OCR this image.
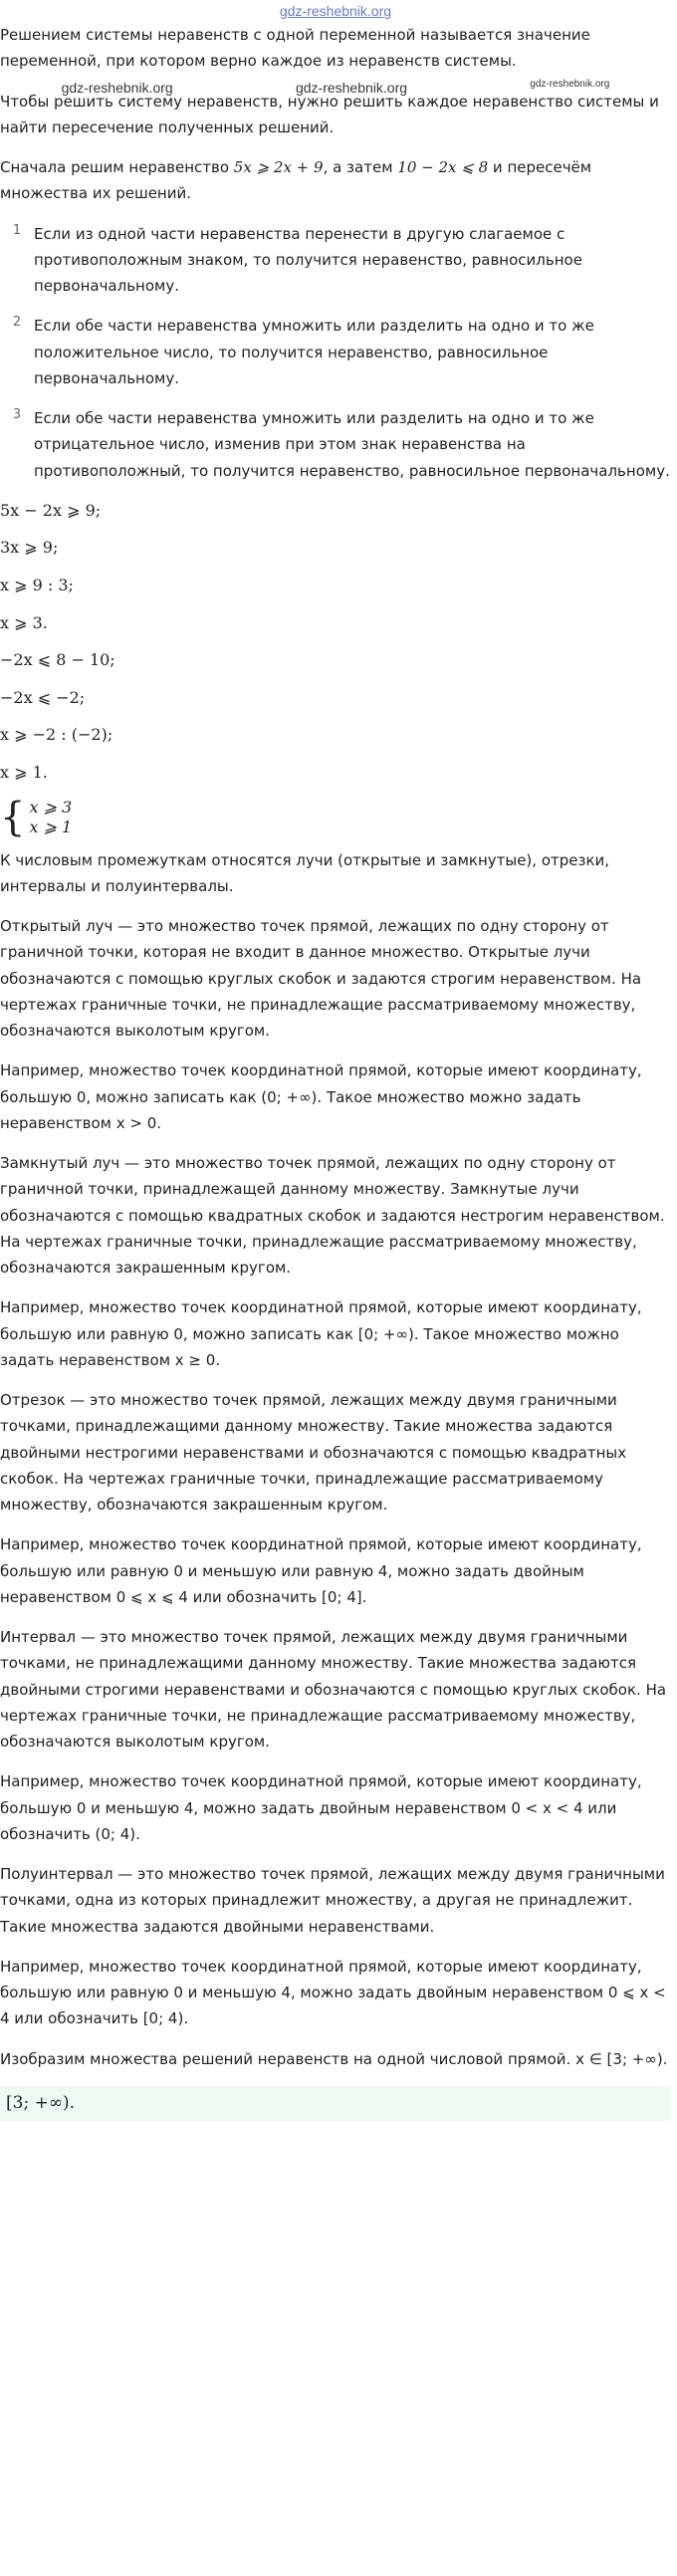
gdz-reshebnik.org

Решением системы неравенств с одной переменной называется значение переменной, при котором верно каждое из неравенств системы.

gdz-reshebnik.org	gdz-reshebnik.org	gdz-reshebnik.org

Чтобы решить систему неравенств, нужно решить каждое неравенство системы и найти пересечение полученных решений.

Сначала решим неравенство 5x ⩾ 2x + 9, а затем 10 − 2x ⩽ 8 и пересечём множества их решений.

1 Если из одной части неравенства перенести в другую слагаемое с противоположным знаком, то получится неравенство, равносильное первоначальному.
2 Если обе части неравенства умножить или разделить на одно и то же положительное число, то получится неравенство, равносильное первоначальному.
3 Если обе части неравенства умножить или разделить на одно и то же отрицательное число, изменив при этом знак неравенства на противоположный, то получится неравенство, равносильное первоначальному.
5x − 2x ⩾ 9;
3x ⩾ 9;
x ⩾ 9 : 3;
x ⩾ 3.
−2x ⩽ 8 − 10;
−2x ⩽ −2;
x ⩾ −2 : (−2);
x ⩾ 1.
{ x ⩾ 3
x ⩾ 1

К числовым промежуткам относятся лучи (открытые и замкнутые), отрезки, интервалы и полуинтервалы.

Открытый луч — это множество точек прямой, лежащих по одну сторону от граничной точки, которая не входит в данное множество. Открытые лучи обозначаются с помощью круглых скобок и задаются строгим неравенством. На чертежах граничные точки, не принадлежащие рассматриваемому множеству, обозначаются выколотым кругом.

Например, множество точек координатной прямой, которые имеют координату, большую 0, можно записать как (0; +∞). Такое множество можно задать неравенством x > 0.

Замкнутый луч — это множество точек прямой, лежащих по одну сторону от граничной точки, принадлежащей данному множеству. Замкнутые лучи обозначаются с помощью квадратных скобок и задаются нестрогим неравенством. На чертежах граничные точки, принадлежащие рассматриваемому множеству, обозначаются закрашенным кругом.

Например, множество точек координатной прямой, которые имеют координату, большую или равную 0, можно записать как [0; +∞). Такое множество можно задать неравенством x ≥ 0.

Отрезок — это множество точек прямой, лежащих между двумя граничными точками, принадлежащими данному множеству. Такие множества задаются двойными нестрогими неравенствами и обозначаются с помощью квадратных скобок. На чертежах граничные точки, принадлежащие рассматриваемому множеству, обозначаются закрашенным кругом.

Например, множество точек координатной прямой, которые имеют координату, большую или равную 0 и меньшую или равную 4, можно задать двойным неравенством 0 ⩽ x ⩽ 4 или обозначить [0; 4].

Интервал — это множество точек прямой, лежащих между двумя граничными точками, не принадлежащими данному множеству. Такие множества задаются двойными строгими неравенствами и обозначаются с помощью круглых скобок. На чертежах граничные точки, не принадлежащие рассматриваемому множеству, обозначаются выколотым кругом.

Например, множество точек координатной прямой, которые имеют координату, большую 0 и меньшую 4, можно задать двойным неравенством 0 < x < 4 или обозначить (0; 4).

Полуинтервал — это множество точек прямой, лежащих между двумя граничными точками, одна из которых принадлежит множеству, а другая не принадлежит. Такие множества задаются двойными неравенствами.

Например, множество точек координатной прямой, которые имеют координату, большую или равную 0 и меньшую 4, можно задать двойным неравенством 0 ⩽ x < 4 или обозначить [0; 4).

Изобразим множества решений неравенств на одной числовой прямой. x ∈ [3; +∞).

[3; +∞).
